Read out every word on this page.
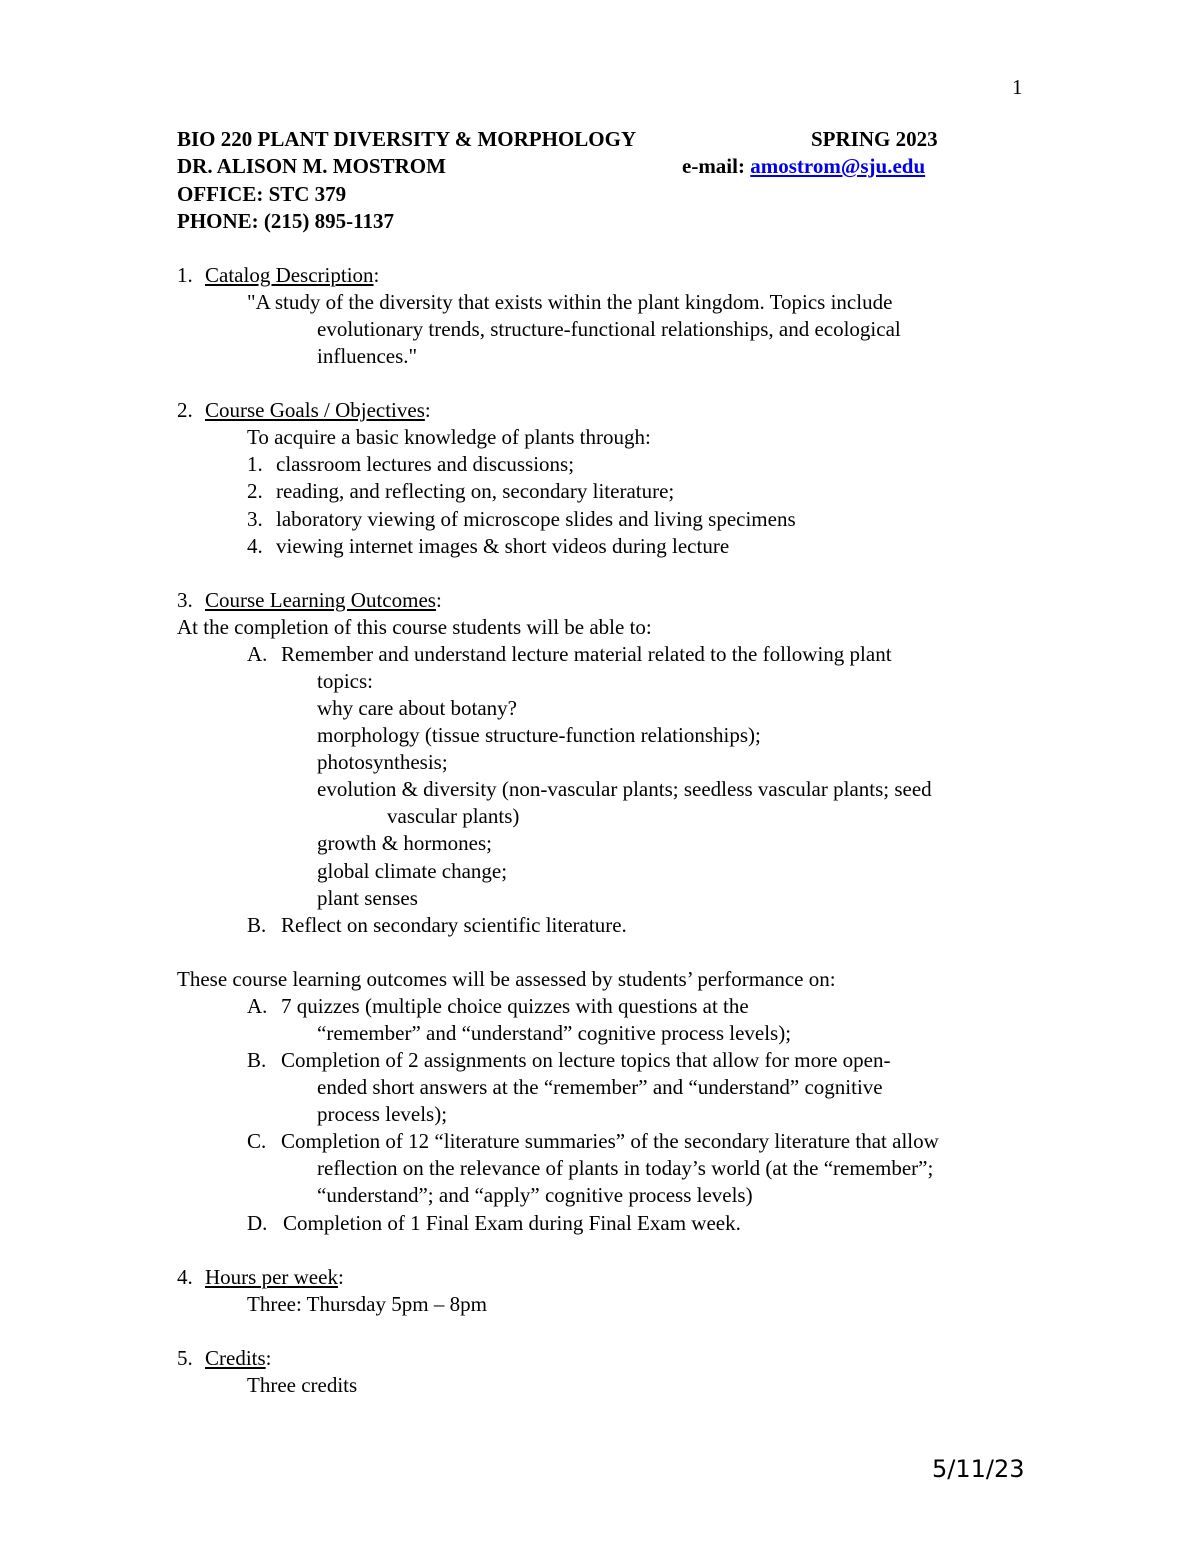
1
BIO 220 PLANT DIVERSITY & MORPHOLOGY	SPRING 2023
DR. ALISON M. MOSTROM	e-mail: amostrom@sju.edu
OFFICE: STC 379
PHONE: (215) 895-1137
1. Catalog Description:
"A study of the diversity that exists within the plant kingdom. Topics include
evolutionary trends, structure-functional relationships, and ecological
influences."
2. Course Goals / Objectives:
To acquire a basic knowledge of plants through:
1. classroom lectures and discussions;
2. reading, and reflecting on, secondary literature;
3. laboratory viewing of microscope slides and living specimens
4. viewing internet images & short videos during lecture
3. Course Learning Outcomes:
At the completion of this course students will be able to:
A. Remember and understand lecture material related to the following plant
topics:
why care about botany?
morphology (tissue structure-function relationships);
photosynthesis;
evolution & diversity (non-vascular plants; seedless vascular plants; seed
vascular plants)
growth & hormones;
global climate change;
plant senses
B. Reflect on secondary scientific literature.
These course learning outcomes will be assessed by students’ performance on:
A. 7 quizzes (multiple choice quizzes with questions at the
“remember” and “understand” cognitive process levels);
B. Completion of 2 assignments on lecture topics that allow for more open-
ended short answers at the “remember” and “understand” cognitive
process levels);
C. Completion of 12 “literature summaries” of the secondary literature that allow
reflection on the relevance of plants in today’s world (at the “remember”;
“understand”; and “apply” cognitive process levels)
D. Completion of 1 Final Exam during Final Exam week.
4. Hours per week:
Three: Thursday 5pm – 8pm
5. Credits:
Three credits
5/11/23
